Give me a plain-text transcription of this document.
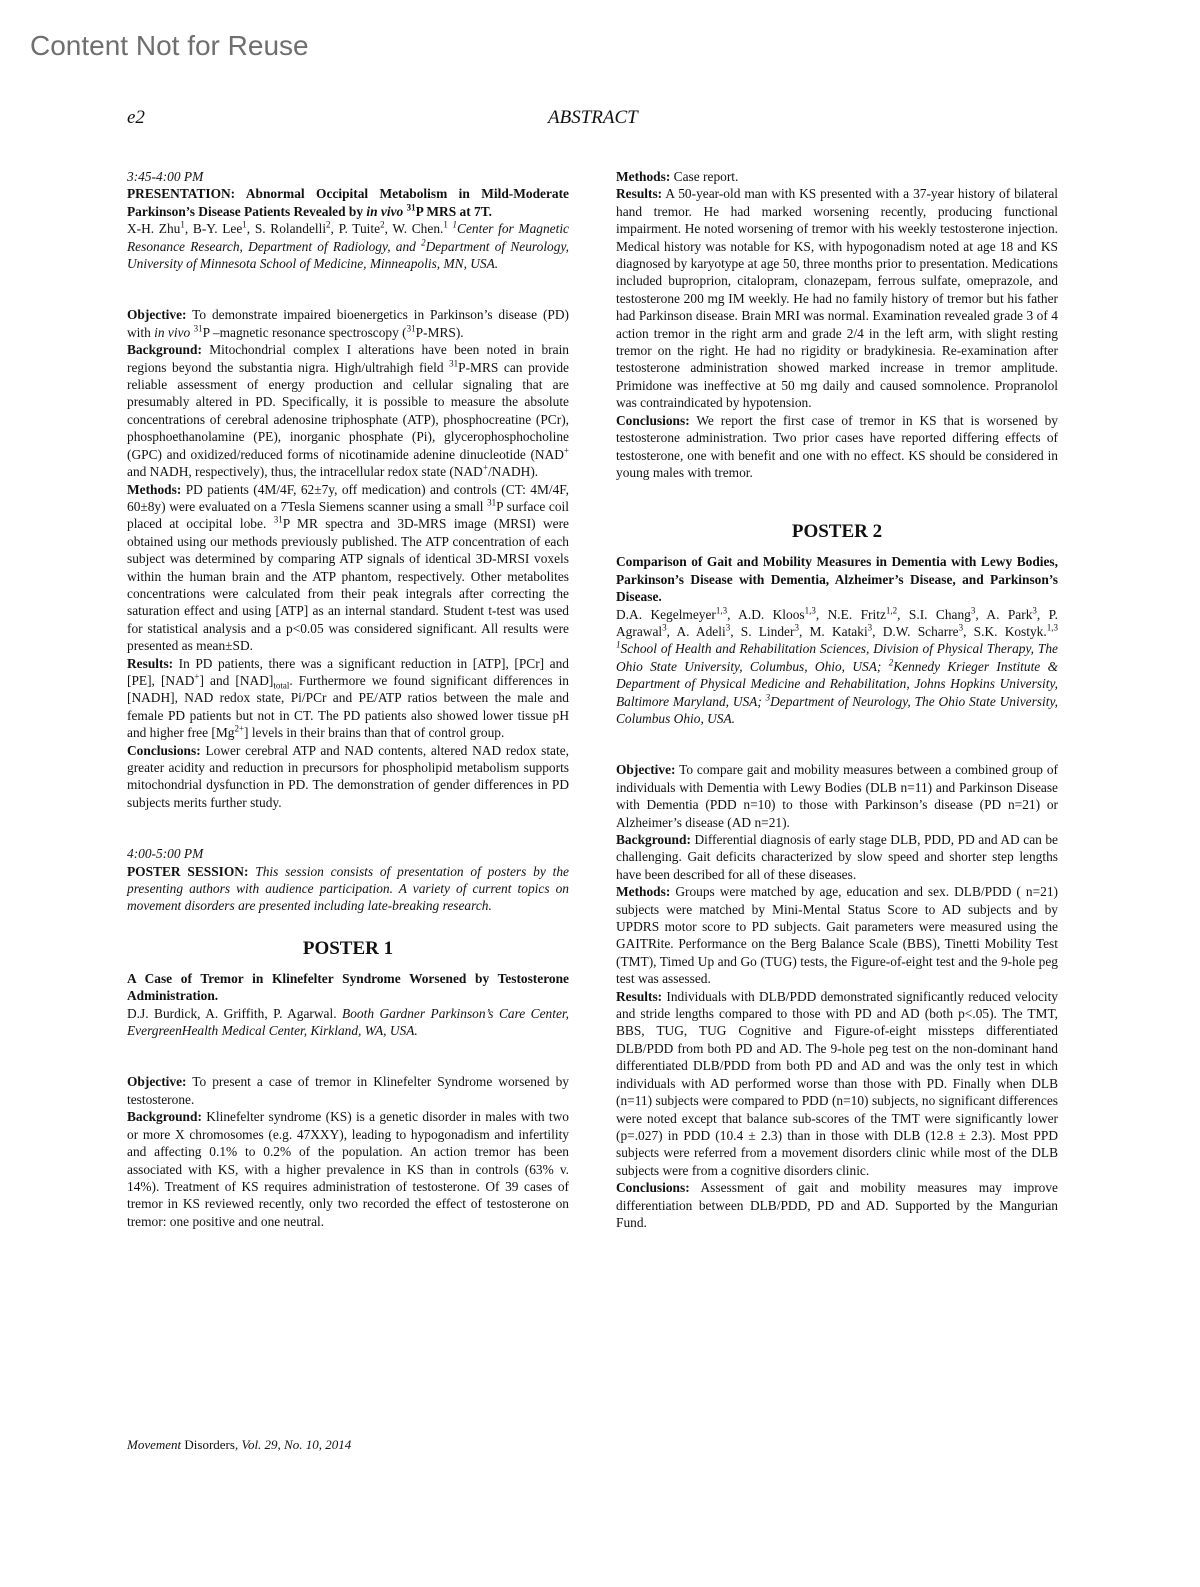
Content Not for Reuse
e2	ABSTRACT

3:45-4:00 PM

PRESENTATION: Abnormal Occipital Metabolism in Mild-Moderate Parkinson’s Disease Patients Revealed by in vivo $^{31}$P MRS at 7T.

X-H. Zhu$^1$, B-Y. Lee$^1$, S. Rolandelli$^2$, P. Tuite$^2$, W. Chen.$^1$ $^1$Center for Magnetic Resonance Research, Department of Radiology, and $^2$Department of Neurology, University of Minnesota School of Medicine, Minneapolis, MN, USA.

Objective: To demonstrate impaired bioenergetics in Parkinson’s disease (PD) with in vivo $^{31}$P –magnetic resonance spectroscopy ($^{31}$P-MRS).

Background: Mitochondrial complex I alterations have been noted in brain regions beyond the substantia nigra. High/ultrahigh field $^{31}$P-MRS can provide reliable assessment of energy production and cellular signaling that are presumably altered in PD. Specifically, it is possible to measure the absolute concentrations of cerebral adenosine triphosphate (ATP), phosphocreatine (PCr), phosphoethanolamine (PE), inorganic phosphate (Pi), glycerophosphocholine (GPC) and oxidized/reduced forms of nicotinamide adenine dinucleotide (NAD+ and NADH, respectively), thus, the intracellular redox state (NAD+/NADH).

Methods: PD patients (4M/4F, 62±7y, off medication) and controls (CT: 4M/4F, 60±8y) were evaluated on a 7Tesla Siemens scanner using a small $^{31}$P surface coil placed at occipital lobe. $^{31}$P MR spectra and 3D-MRS image (MRSI) were obtained using our methods previously published. The ATP concentration of each subject was determined by comparing ATP signals of identical 3D-MRSI voxels within the human brain and the ATP phantom, respectively. Other metabolites concentrations were calculated from their peak integrals after correcting the saturation effect and using [ATP] as an internal standard. Student t-test was used for statistical analysis and a p<0.05 was considered significant. All results were presented as mean±SD.

Results: In PD patients, there was a significant reduction in [ATP], [PCr] and [PE], [NAD+] and $[NAD]_{total}$. Furthermore we found significant differences in [NADH], NAD redox state, Pi/PCr and PE/ATP ratios between the male and female PD patients but not in CT. The PD patients also showed lower tissue pH and higher free $[Mg^{2+}]$ levels in their brains than that of control group.

Conclusions: Lower cerebral ATP and NAD contents, altered NAD redox state, greater acidity and reduction in precursors for phospholipid metabolism supports mitochondrial dysfunction in PD. The demonstration of gender differences in PD subjects merits further study.

4:00-5:00 PM

POSTER SESSION: This session consists of presentation of posters by the presenting authors with audience participation. A variety of current topics on movement disorders are presented including late-breaking research.

POSTER 1

A Case of Tremor in Klinefelter Syndrome Worsened by Testosterone Administration.

D.J. Burdick, A. Griffith, P. Agarwal. Booth Gardner Parkinson’s Care Center, EvergreenHealth Medical Center, Kirkland, WA, USA.

Objective: To present a case of tremor in Klinefelter Syndrome worsened by testosterone.

Background: Klinefelter syndrome (KS) is a genetic disorder in males with two or more X chromosomes (e.g. 47XXY), leading to hypogonadism and infertility and affecting 0.1% to 0.2% of the population. An action tremor has been associated with KS, with a higher prevalence in KS than in controls (63% v. 14%). Treatment of KS requires administration of testosterone. Of 39 cases of tremor in KS reviewed recently, only two recorded the effect of testosterone on tremor: one positive and one neutral.

Methods: Case report.

Results: A 50-year-old man with KS presented with a 37-year history of bilateral hand tremor. He had marked worsening recently, producing functional impairment. He noted worsening of tremor with his weekly testosterone injection. Medical history was notable for KS, with hypogonadism noted at age 18 and KS diagnosed by karyotype at age 50, three months prior to presentation. Medications included buproprion, citalopram, clonazepam, ferrous sulfate, omeprazole, and testosterone 200 mg IM weekly. He had no family history of tremor but his father had Parkinson disease. Brain MRI was normal. Examination revealed grade 3 of 4 action tremor in the right arm and grade 2/4 in the left arm, with slight resting tremor on the right. He had no rigidity or bradykinesia. Re-examination after testosterone administration showed marked increase in tremor amplitude. Primidone was ineffective at 50 mg daily and caused somnolence. Propranolol was contraindicated by hypotension.

Conclusions: We report the first case of tremor in KS that is worsened by testosterone administration. Two prior cases have reported differing effects of testosterone, one with benefit and one with no effect. KS should be considered in young males with tremor.

POSTER 2

Comparison of Gait and Mobility Measures in Dementia with Lewy Bodies, Parkinson’s Disease with Dementia, Alzheimer’s Disease, and Parkinson’s Disease.

D.A. Kegelmeyer$^{1,3}$, A.D. Kloos$^{1,3}$, N.E. Fritz$^{1,2}$, S.I. Chang$^3$, A. Park$^3$, P. Agrawal$^3$, A. Adeli$^3$, S. Linder$^3$, M. Kataki$^3$, D.W. Scharre$^3$, S.K. Kostyk.$^{1,3}$ $^1$School of Health and Rehabilitation Sciences, Division of Physical Therapy, The Ohio State University, Columbus, Ohio, USA; $^2$Kennedy Krieger Institute & Department of Physical Medicine and Rehabilitation, Johns Hopkins University, Baltimore Maryland, USA; $^3$Department of Neurology, The Ohio State University, Columbus Ohio, USA.

Objective: To compare gait and mobility measures between a combined group of individuals with Dementia with Lewy Bodies (DLB n=11) and Parkinson Disease with Dementia (PDD n=10) to those with Parkinson’s disease (PD n=21) or Alzheimer’s disease (AD n=21).

Background: Differential diagnosis of early stage DLB, PDD, PD and AD can be challenging. Gait deficits characterized by slow speed and shorter step lengths have been described for all of these diseases.

Methods: Groups were matched by age, education and sex. DLB/PDD ( n=21) subjects were matched by Mini-Mental Status Score to AD subjects and by UPDRS motor score to PD subjects. Gait parameters were measured using the GAITRite. Performance on the Berg Balance Scale (BBS), Tinetti Mobility Test (TMT), Timed Up and Go (TUG) tests, the Figure-of-eight test and the 9-hole peg test was assessed.

Results: Individuals with DLB/PDD demonstrated significantly reduced velocity and stride lengths compared to those with PD and AD (both p<.05). The TMT, BBS, TUG, TUG Cognitive and Figure-of-eight missteps differentiated DLB/PDD from both PD and AD. The 9-hole peg test on the non-dominant hand differentiated DLB/PDD from both PD and AD and was the only test in which individuals with AD performed worse than those with PD. Finally when DLB (n=11) subjects were compared to PDD (n=10) subjects, no significant differences were noted except that balance sub-scores of the TMT were significantly lower (p=.027) in PDD (10.4 ± 2.3) than in those with DLB (12.8 ± 2.3). Most PPD subjects were referred from a movement disorders clinic while most of the DLB subjects were from a cognitive disorders clinic.

Conclusions: Assessment of gait and mobility measures may improve differentiation between DLB/PDD, PD and AD. Supported by the Mangurian Fund.

Movement Disorders, Vol. 29, No. 10, 2014
